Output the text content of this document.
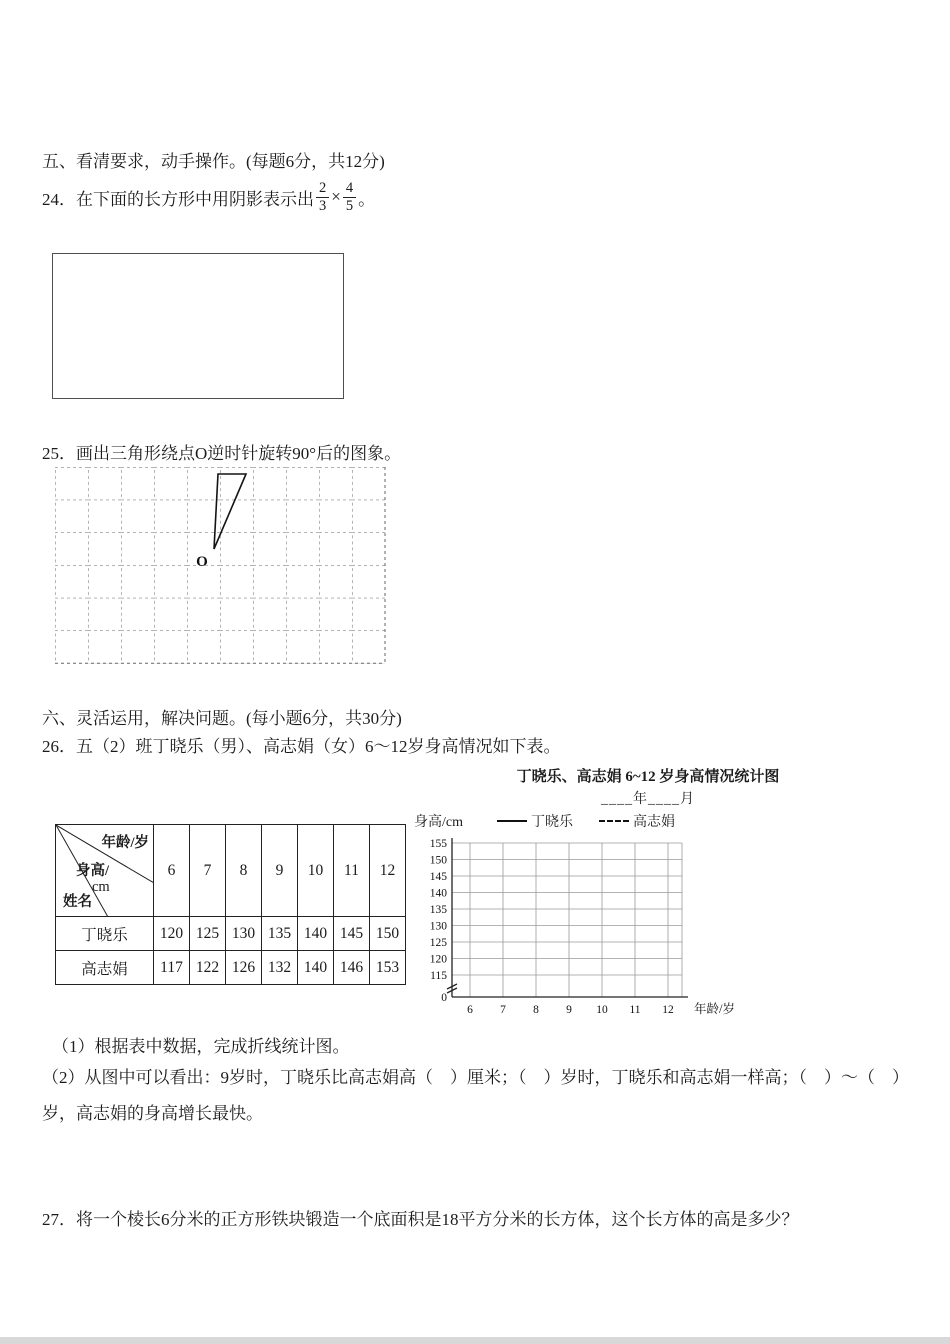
五、看清要求，动手操作。(每题6分，共12分)
24．在下面的长方形中用阴影表示出 $\frac{2}{3} \times \frac{4}{5}$ 。
25．画出三角形绕点O逆时针旋转90°后的图象。
O
六、灵活运用，解决问题。(每小题6分，共30分)
26．五（2）班丁晓乐（男）、高志娟（女）6～12岁身高情况如下表。
丁晓乐、高志娟 6~12 岁身高情况统计图
____年____月
身高/cm	丁晓乐	高志娟
155
150
145
140
135
130
125
120
115
6 7 8 9 10 11 12
0
年龄/岁
年龄/岁
身高/
cm
姓名	6	7	8	9	10	11	12
丁晓乐	120	125	130	135	140	145	150
高志娟	117	122	126	132	140	146	153
（1）根据表中数据，完成折线统计图。
（2）从图中可以看出：9岁时，丁晓乐比高志娟高（　）厘米；（　）岁时，丁晓乐和高志娟一样高；（　）～（　）岁，高志娟的身高增长最快。
27．将一个棱长6分米的正方形铁块锻造一个底面积是18平方分米的长方体，这个长方体的高是多少？
